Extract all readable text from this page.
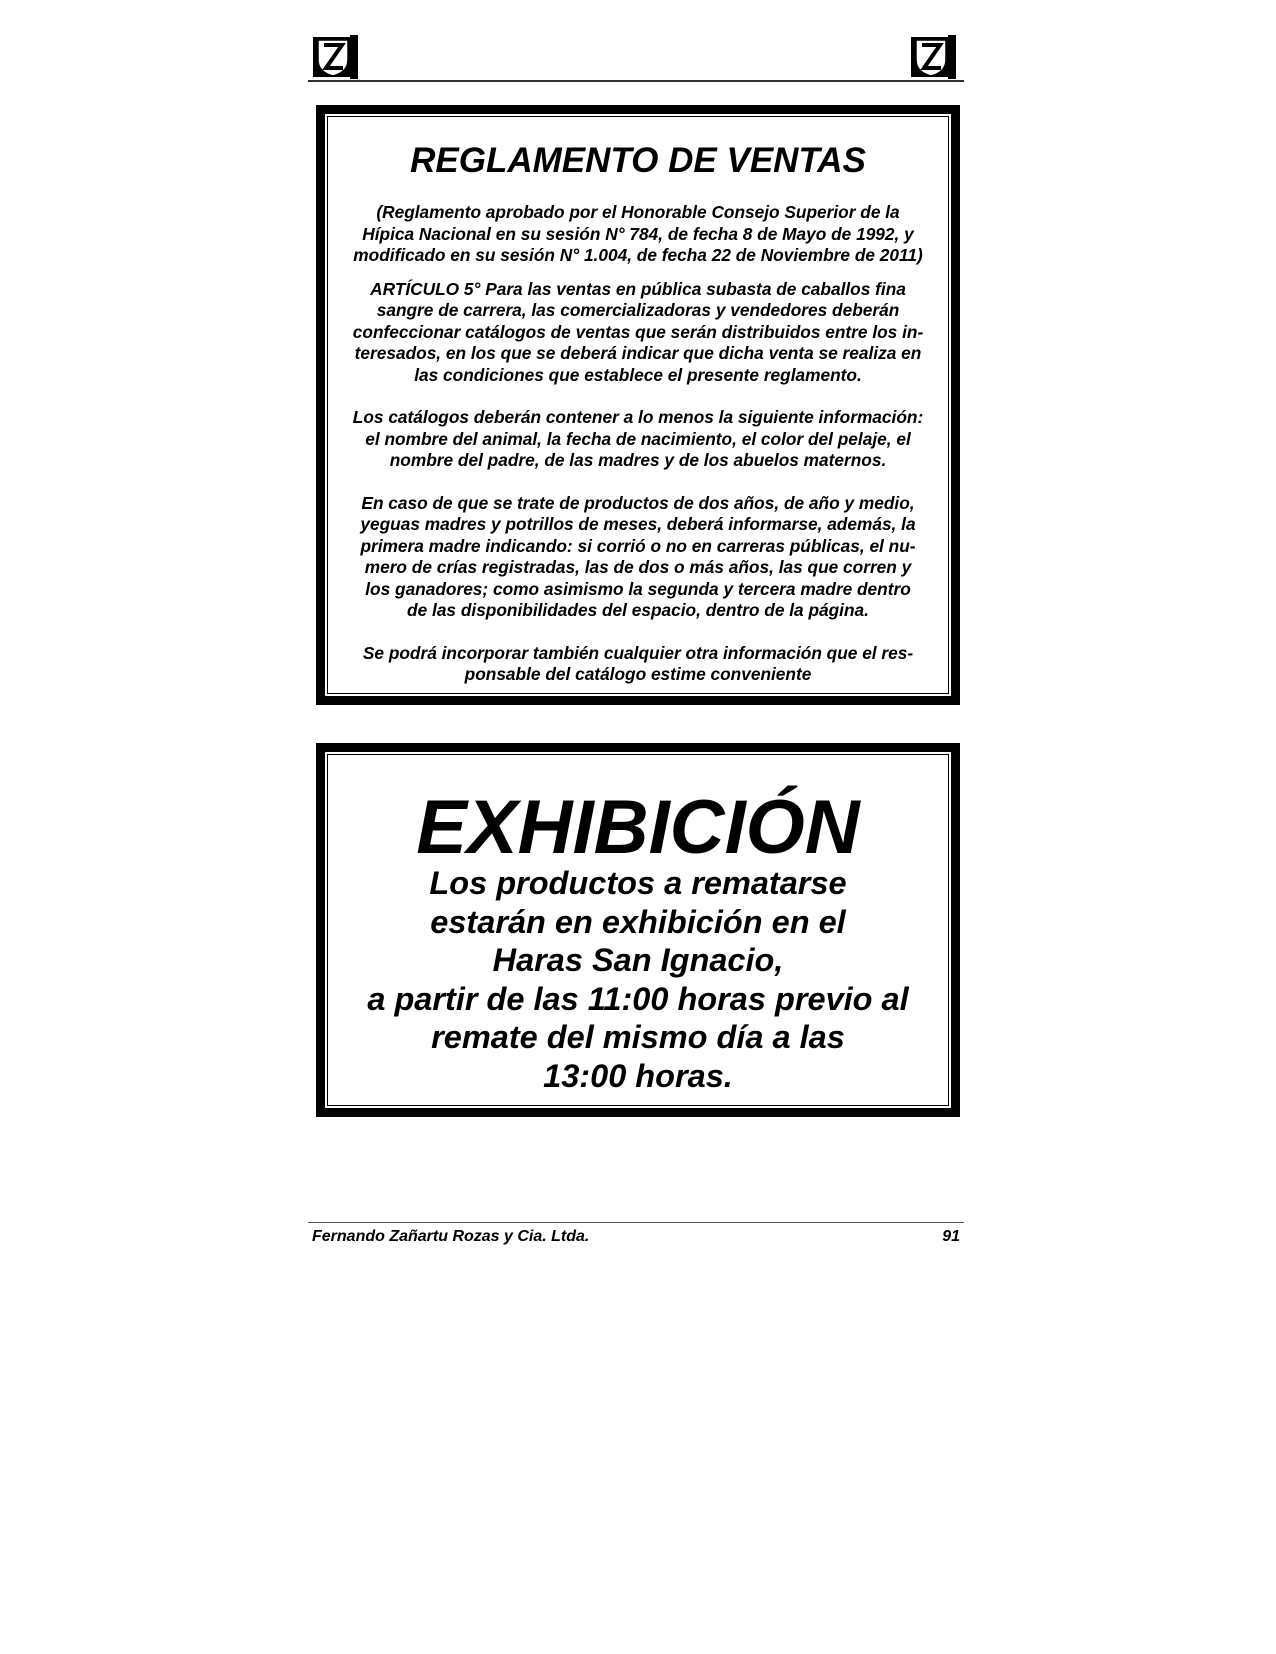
REGLAMENTO DE VENTAS

(Reglamento aprobado por el Honorable Consejo Superior de la
Hípica Nacional en su sesión N° 784, de fecha 8 de Mayo de 1992, y
modificado en su sesión N° 1.004, de fecha 22 de Noviembre de 2011)

ARTÍCULO 5° Para las ventas en pública subasta de caballos fina
sangre de carrera, las comercializadoras y vendedores deberán
confeccionar catálogos de ventas que serán distribuidos entre los in-
teresados, en los que se deberá indicar que dicha venta se realiza en
las condiciones que establece el presente reglamento.

Los catálogos deberán contener a lo menos la siguiente información:
el nombre del animal, la fecha de nacimiento, el color del pelaje, el
nombre del padre, de las madres y de los abuelos maternos.

En caso de que se trate de productos de dos años, de año y medio,
yeguas madres y potrillos de meses, deberá informarse, además, la
primera madre indicando: si corrió o no en carreras públicas, el nu-
mero de crías registradas, las de dos o más años, las que corren y
los ganadores; como asimismo la segunda y tercera madre dentro
de las disponibilidades del espacio, dentro de la página.

Se podrá incorporar también cualquier otra información que el res-
ponsable del catálogo estime conveniente

EXHIBICIÓN
Los productos a rematarse
estarán en exhibición en el
Haras San Ignacio,
a partir de las 11:00 horas previo al
remate del mismo día a las
13:00 horas.
Fernando Zañartu Rozas y Cia. Ltda.	91
